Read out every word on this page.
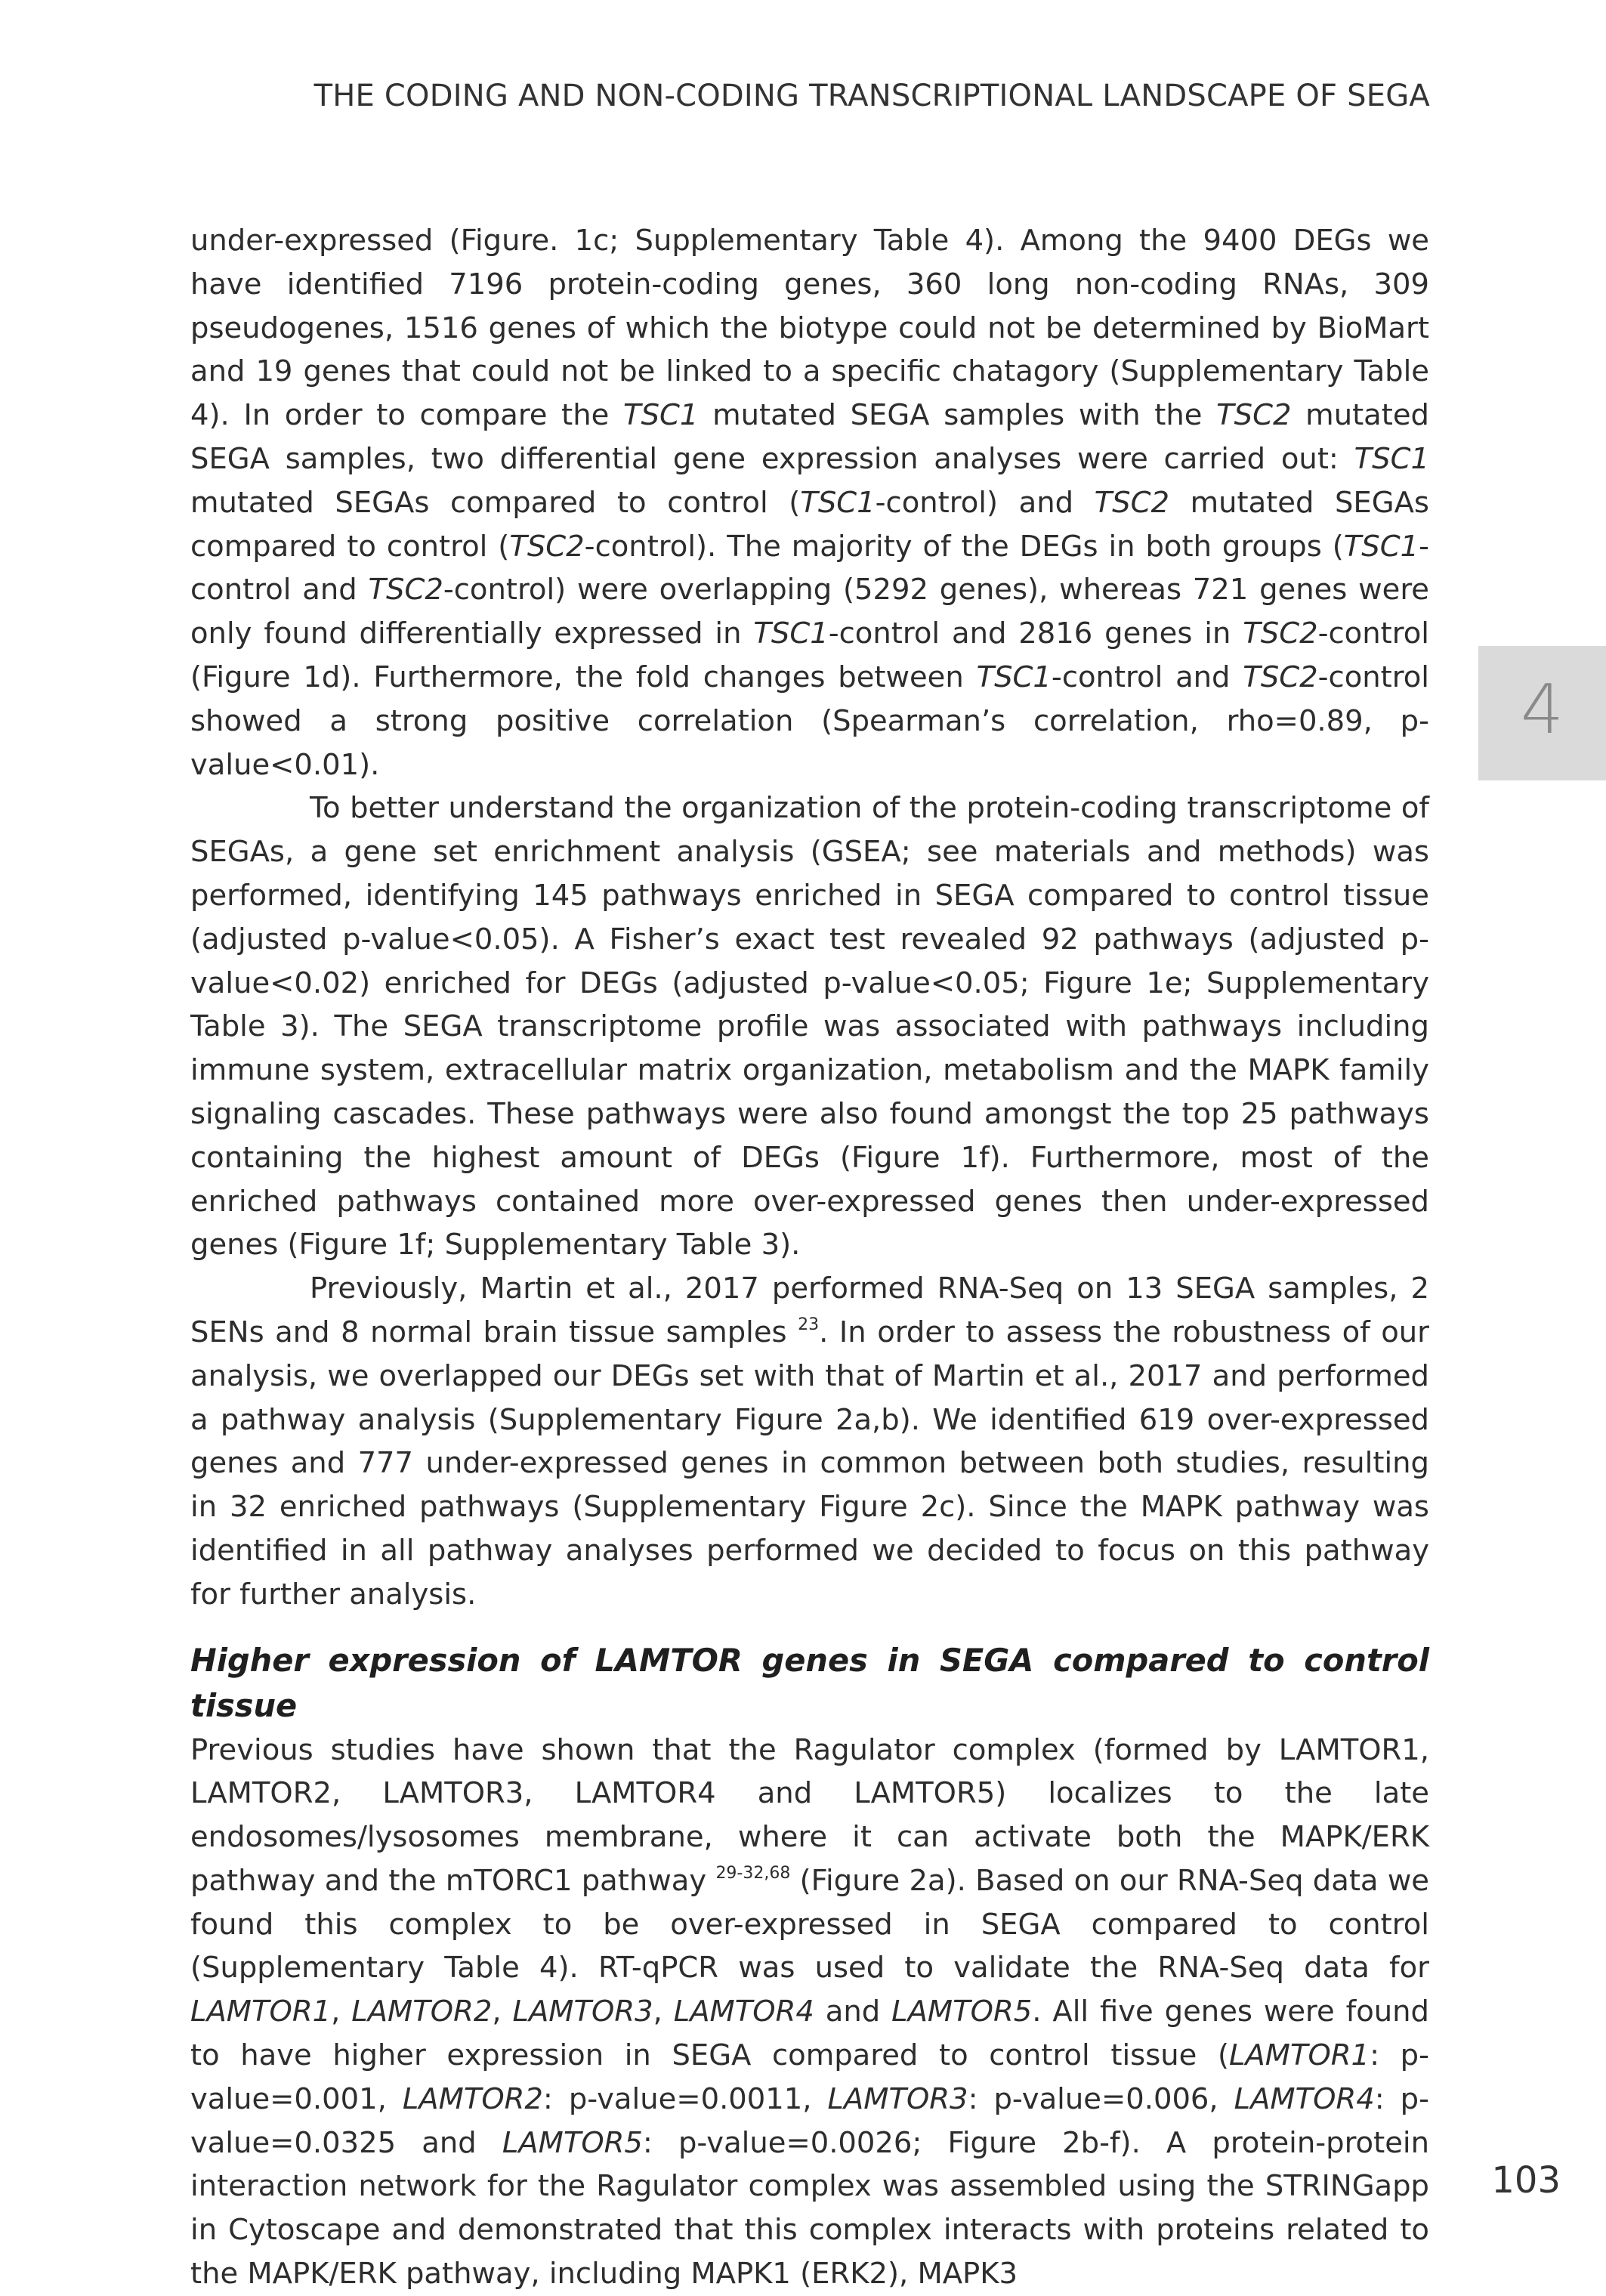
THE CODING AND NON-CODING TRANSCRIPTIONAL LANDSCAPE OF SEGA
4

under-expressed (Figure. 1c; Supplementary Table 4). Among the 9400 DEGs we have identified 7196 protein-coding genes, 360 long non-coding RNAs, 309 pseudogenes, 1516 genes of which the biotype could not be determined by BioMart and 19 genes that could not be linked to a specific chatagory (Supplementary Table 4). In order to compare the TSC1 mutated SEGA samples with the TSC2 mutated SEGA samples, two differential gene expression analyses were carried out: TSC1 mutated SEGAs compared to control (TSC1-control) and TSC2 mutated SEGAs compared to control (TSC2-control). The majority of the DEGs in both groups (TSC1-control and TSC2-control) were overlapping (5292 genes), whereas 721 genes were only found differentially expressed in TSC1-control and 2816 genes in TSC2-control (Figure 1d). Furthermore, the fold changes between TSC1-control and TSC2-control showed a strong positive correlation (Spearman’s correlation, rho=0.89, p-value<0.01).

To better understand the organization of the protein-coding transcriptome of SEGAs, a gene set enrichment analysis (GSEA; see materials and methods) was performed, identifying 145 pathways enriched in SEGA compared to control tissue (adjusted p-value<0.05). A Fisher’s exact test revealed 92 pathways (adjusted p-value<0.02) enriched for DEGs (adjusted p-value<0.05; Figure 1e; Supplementary Table 3). The SEGA transcriptome profile was associated with pathways including immune system, extracellular matrix organization, metabolism and the MAPK family signaling cascades. These pathways were also found amongst the top 25 pathways containing the highest amount of DEGs (Figure 1f). Furthermore, most of the enriched pathways contained more over-expressed genes then under-expressed genes (Figure 1f; Supplementary Table 3).

Previously, Martin et al., 2017 performed RNA-Seq on 13 SEGA samples, 2 SENs and 8 normal brain tissue samples $^{23}$. In order to assess the robustness of our analysis, we overlapped our DEGs set with that of Martin et al., 2017 and performed a pathway analysis (Supplementary Figure 2a,b). We identified 619 over-expressed genes and 777 under-expressed genes in common between both studies, resulting in 32 enriched pathways (Supplementary Figure 2c). Since the MAPK pathway was identified in all pathway analyses performed we decided to focus on this pathway for further analysis.

Higher expression of LAMTOR genes in SEGA compared to control tissue

Previous studies have shown that the Ragulator complex (formed by LAMTOR1, LAMTOR2, LAMTOR3, LAMTOR4 and LAMTOR5) localizes to the late endosomes/lysosomes membrane, where it can activate both the MAPK/ERK pathway and the mTORC1 pathway $^{29-32,68}$ (Figure 2a). Based on our RNA-Seq data we found this complex to be over-expressed in SEGA compared to control (Supplementary Table 4). RT-qPCR was used to validate the RNA-Seq data for LAMTOR1, LAMTOR2, LAMTOR3, LAMTOR4 and LAMTOR5. All five genes were found to have higher expression in SEGA compared to control tissue (LAMTOR1: p-value=0.001, LAMTOR2: p-value=0.0011, LAMTOR3: p-value=0.006, LAMTOR4: p-value=0.0325 and LAMTOR5: p-value=0.0026; Figure 2b-f). A protein-protein interaction network for the Ragulator complex was assembled using the STRINGapp in Cytoscape and demonstrated that this complex interacts with proteins related to the MAPK/ERK pathway, including MAPK1 (ERK2), MAPK3

103
